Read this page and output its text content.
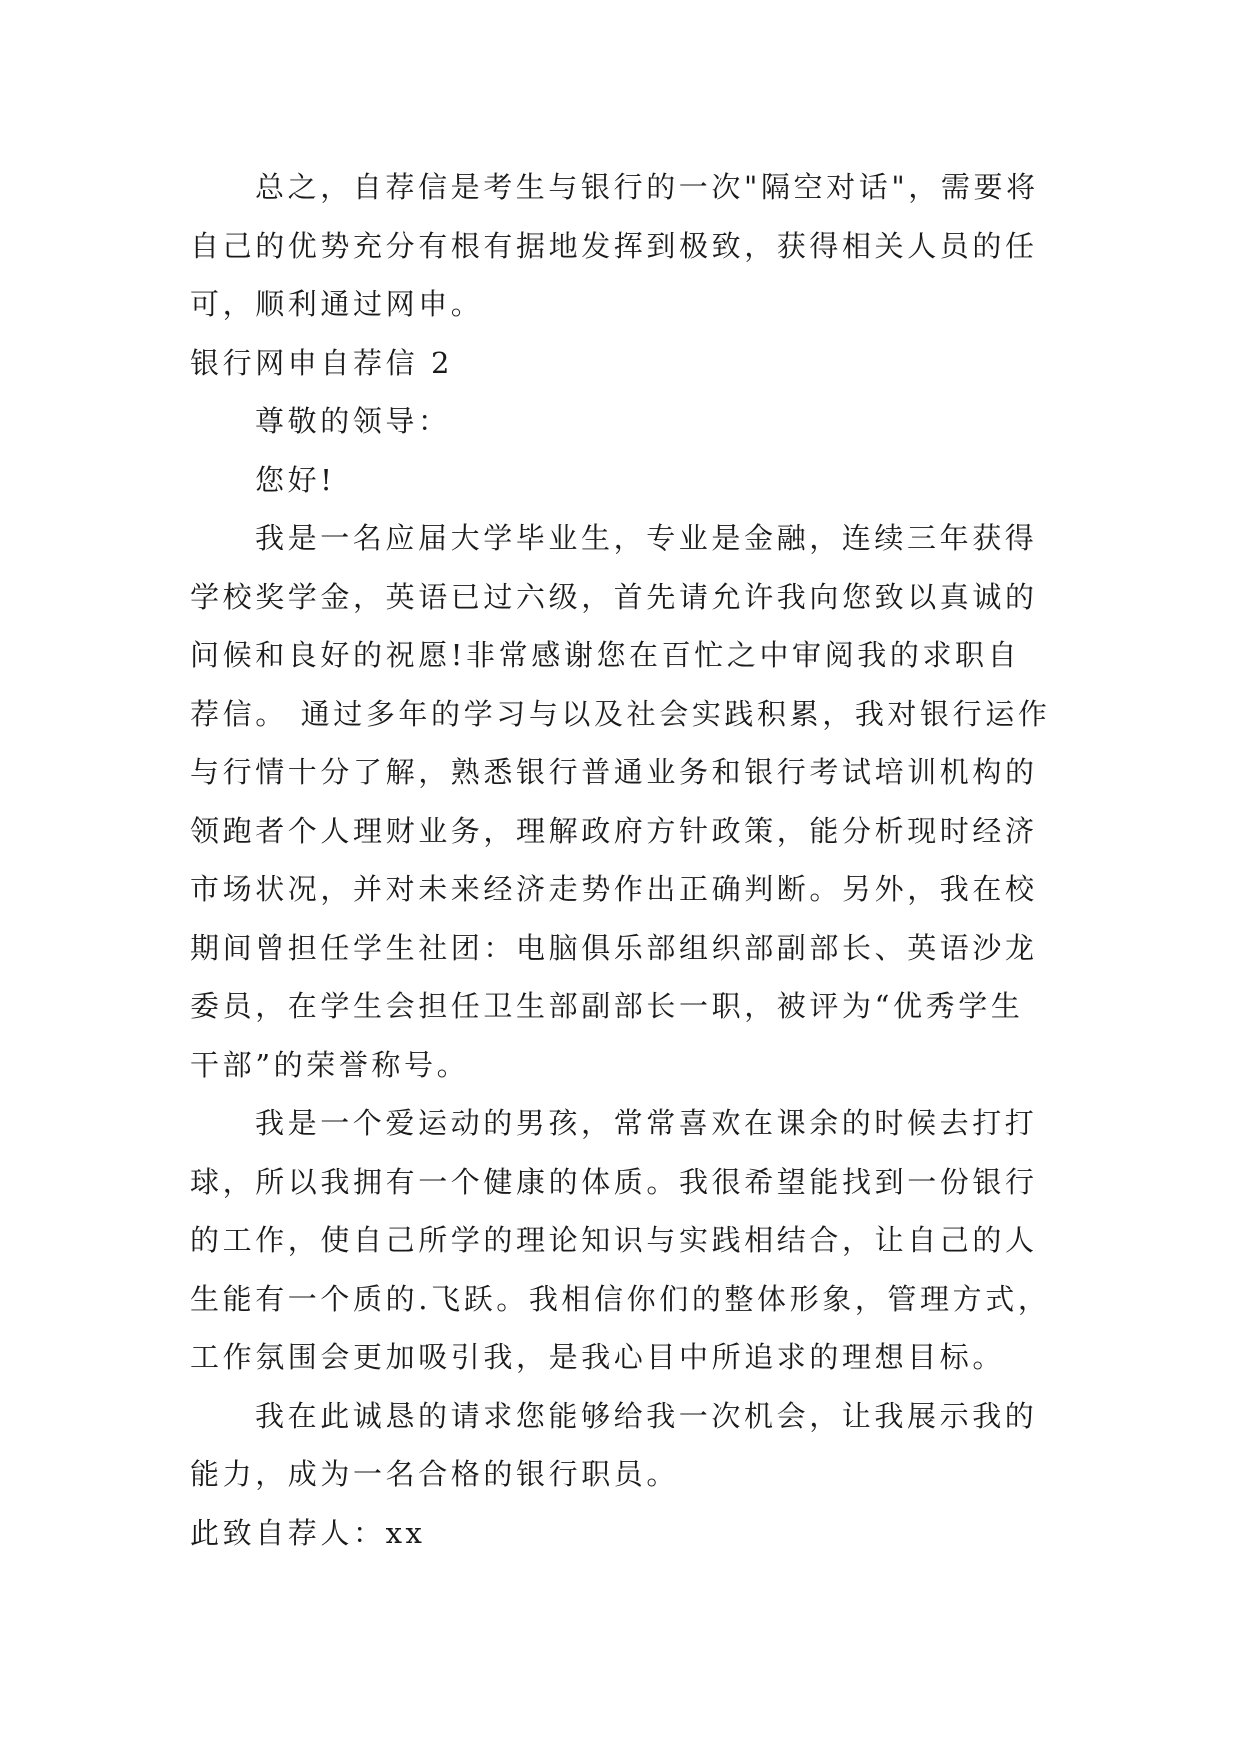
总之，自荐信是考生与银行的一次"隔空对话"，需要将自己的优势充分有根有据地发挥到极致，获得相关人员的任可，顺利通过网申。

银行网申自荐信 2

尊敬的领导：

您好!

我是一名应届大学毕业生，专业是金融，连续三年获得学校奖学金，英语已过六级，首先请允许我向您致以真诚的问候和良好的祝愿!非常感谢您在百忙之中审阅我的求职自荐信。 通过多年的学习与以及社会实践积累，我对银行运作与行情十分了解，熟悉银行普通业务和银行考试培训机构的领跑者个人理财业务，理解政府方针政策，能分析现时经济市场状况，并对未来经济走势作出正确判断。另外，我在校期间曾担任学生社团：电脑俱乐部组织部副部长、英语沙龙委员，在学生会担任卫生部副部长一职，被评为“优秀学生干部”的荣誉称号。

我是一个爱运动的男孩，常常喜欢在课余的时候去打打球，所以我拥有一个健康的体质。我很希望能找到一份银行的工作，使自己所学的理论知识与实践相结合，让自己的人生能有一个质的.飞跃。我相信你们的整体形象，管理方式，工作氛围会更加吸引我，是我心目中所追求的理想目标。

我在此诚恳的请求您能够给我一次机会，让我展示我的能力，成为一名合格的银行职员。

此致自荐人：xx
